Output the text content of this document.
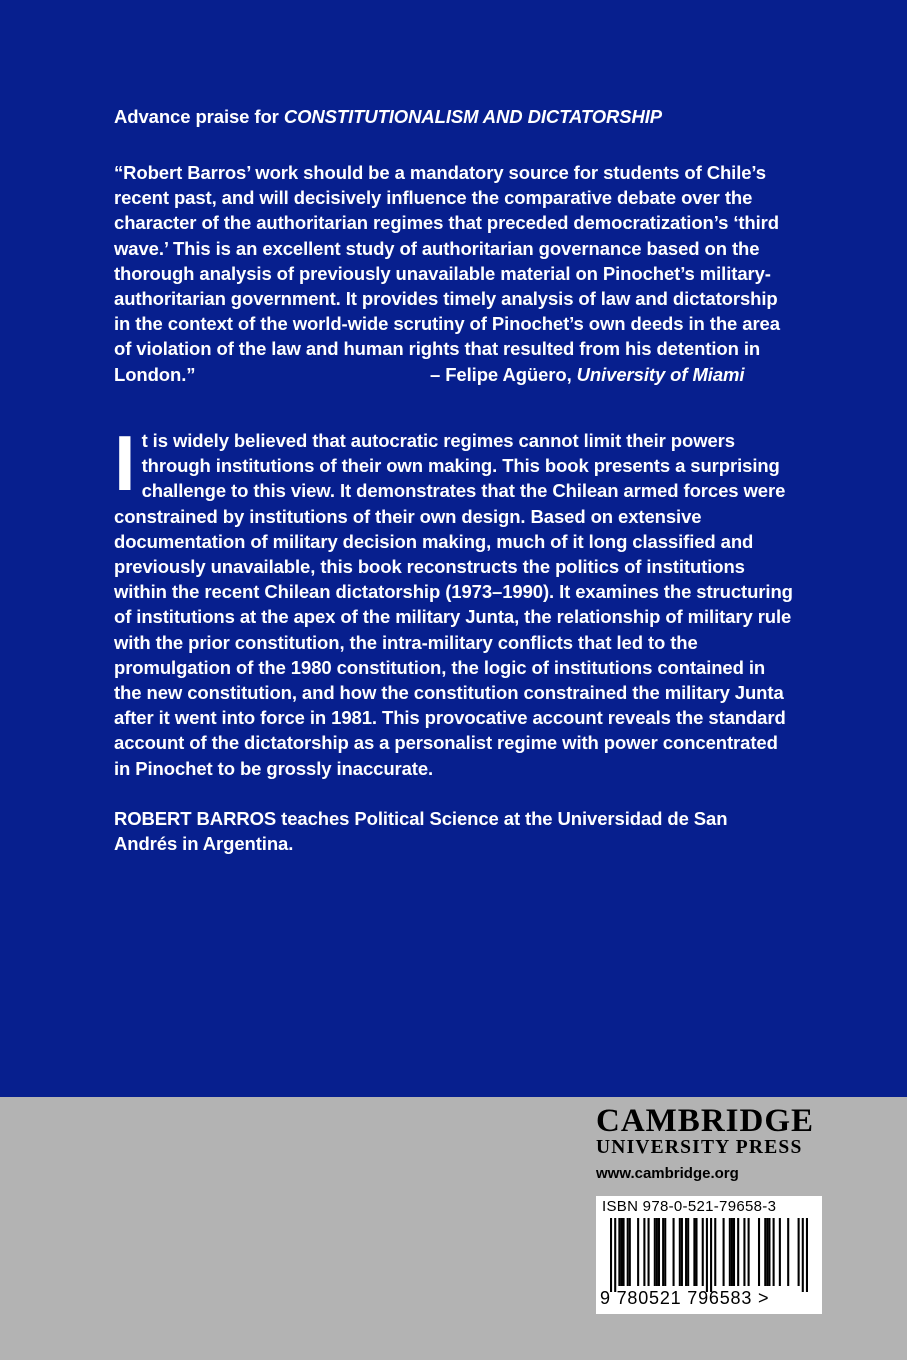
Advance praise for CONSTITUTIONALISM AND DICTATORSHIP
“Robert Barros’ work should be a mandatory source for students of Chile’s recent past, and will decisively influence the comparative debate over the character of the authoritarian regimes that preceded democratization’s ‘third wave.’ This is an excellent study of authoritarian governance based on the thorough analysis of previously unavailable material on Pinochet’s military-authoritarian government. It provides timely analysis of law and dictatorship in the context of the world-wide scrutiny of Pinochet’s own deeds in the area of violation of the law and human rights that resulted from his detention in London.”	– Felipe Agüero, University of Miami
It is widely believed that autocratic regimes cannot limit their powers through institutions of their own making. This book presents a surprising challenge to this view. It demonstrates that the Chilean armed forces were constrained by institutions of their own design. Based on extensive documentation of military decision making, much of it long classified and previously unavailable, this book reconstructs the politics of institutions within the recent Chilean dictatorship (1973–1990). It examines the structuring of institutions at the apex of the military Junta, the relationship of military rule with the prior constitution, the intra-military conflicts that led to the promulgation of the 1980 constitution, the logic of institutions contained in the new constitution, and how the constitution constrained the military Junta after it went into force in 1981. This provocative account reveals the standard account of the dictatorship as a personalist regime with power concentrated in Pinochet to be grossly inaccurate.
ROBERT BARROS teaches Political Science at the Universidad de San Andrés in Argentina.
CAMBRIDGE
UNIVERSITY PRESS
www.cambridge.org
ISBN 978-0-521-79658-3
9 780521 796583 >
